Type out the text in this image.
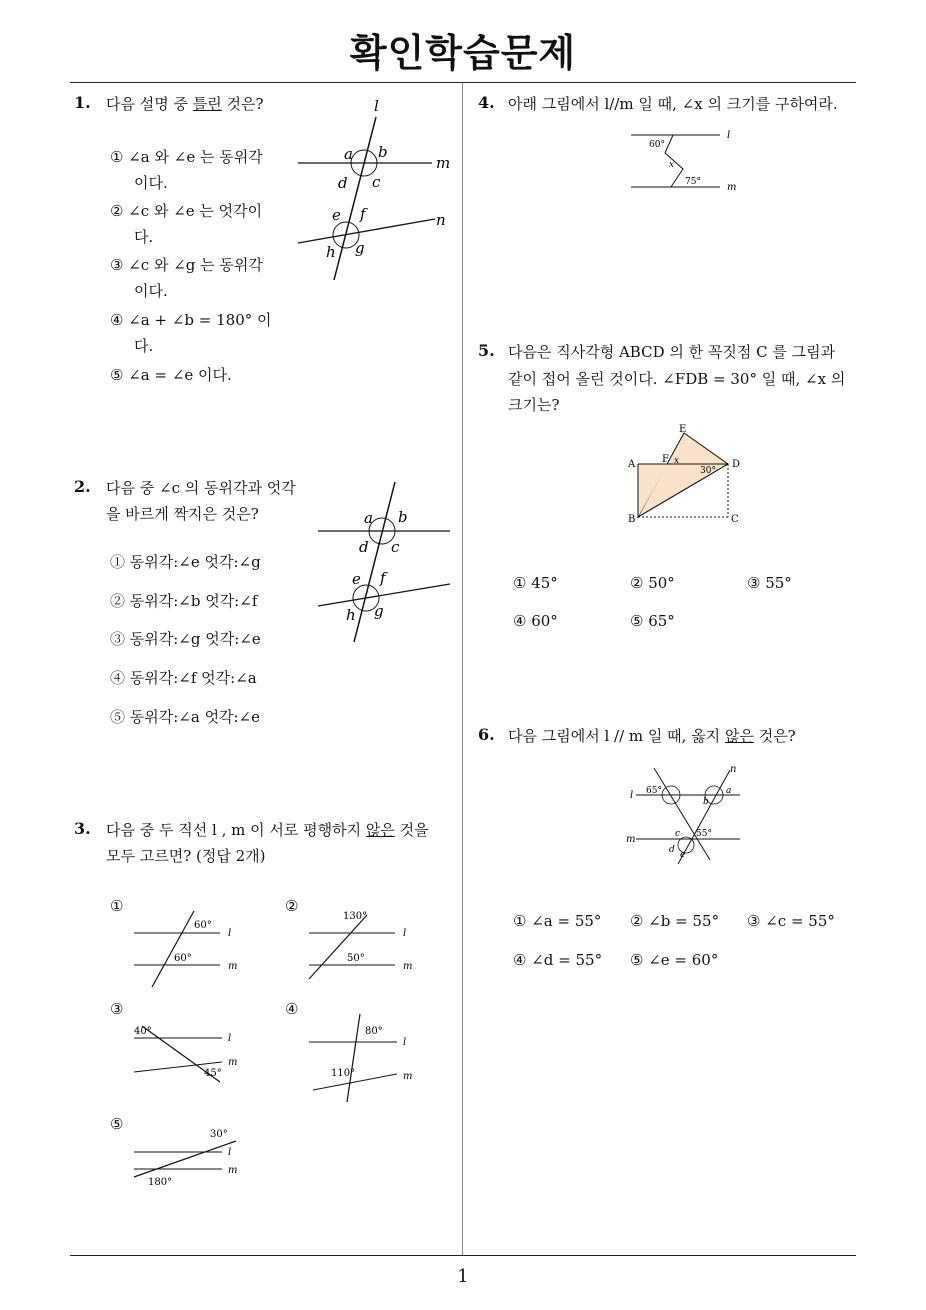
확인학습문제
1
1. 다음 설명 중 틀린 것은?
① ∠a 와 ∠e 는 동위각
이다.
② ∠c 와 ∠e 는 엇각이
다.
③ ∠c 와 ∠g 는 동위각
이다.
④ ∠a + ∠b = 180° 이
다.
⑤ ∠a = ∠e 이다.
l
m
n
a b
c
d
e f
g
h
2. 다음 중 ∠c 의 동위각과 엇각
을 바르게 짝지은 것은?
① 동위각:∠e 엇각:∠g
② 동위각:∠b 엇각:∠f
③ 동위각:∠g 엇각:∠e
④ 동위각:∠f 엇각:∠a
⑤ 동위각:∠a 엇각:∠e
a b
c
d
e f
g
h
3. 다음 중 두 직선 l , m 이 서로 평행하지 않은 것을
모두 고르면? (정답 2개)
①
60°
60°
l
m
②
130°
50°
l
m
③
40°
45°
l
m
④
80°
110°
l
m
⑤
30°
180°
l
m
4. 아래 그림에서 l//m 일 때, ∠x 의 크기를 구하여라.
60°
75°
x
l
m
5. 다음은 직사각형 ABCD 의 한 꼭짓점 C 를 그림과
같이 접어 올린 것이다. ∠FDB = 30° 일 때, ∠x 의
크기는?
A
B	C
D
E
F x
30°
① 45°	② 50°	③ 55°
④ 60°	⑤ 65°
6. 다음 그림에서 l // m 일 때, 옳지 않은 것은?
65°
55°
a
b
c
d e
l
m
n
① ∠a = 55° ② ∠b = 55° ③ ∠c = 55°
④ ∠d = 55° ⑤ ∠e = 60°
